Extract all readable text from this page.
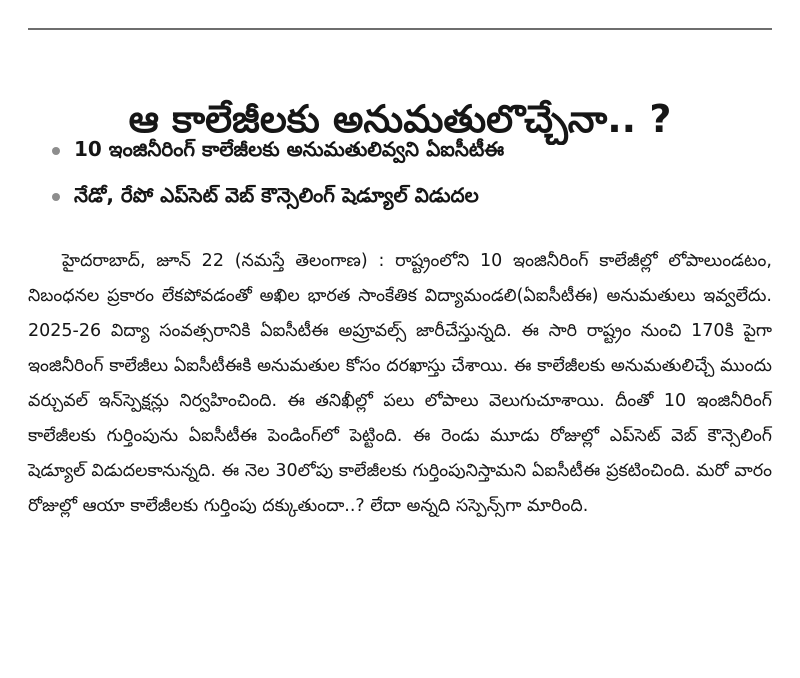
ఆ కాలేజీలకు అనుమతులొచ్చేనా.. ?
10 ఇంజినీరింగ్ కాలేజీలకు అనుమతులివ్వని ఏఐసీటీఈ
నేడో, రేపో ఎప్‌సెట్ వెబ్ కౌన్సెలింగ్ షెడ్యూల్ విడుదల

హైదరాబాద్, జూన్ 22 (నమస్తే తెలంగాణ) : రాష్ట్రంలోని 10 ఇంజినీరింగ్ కాలేజీల్లో లోపాలుండటం, నిబంధనల ప్రకారం లేకపోవడంతో అఖిల భారత సాంకేతిక విద్యామండలి(ఏఐసీటీఈ) అనుమతులు ఇవ్వలేదు. 2025-26 విద్యా సంవత్సరానికి ఏఐసీటీఈ అప్రూవల్స్ జారీచేస్తున్నది. ఈ సారి రాష్ట్రం నుంచి 170కి పైగా ఇంజినీరింగ్ కాలేజీలు ఏఐసీటీఈకి అనుమతుల కోసం దరఖాస్తు చేశాయి. ఈ కాలేజీలకు అనుమతులిచ్చే ముందు వర్చువల్ ఇన్‌స్పెక్షన్లు నిర్వహించింది. ఈ తనిఖీల్లో పలు లోపాలు వెలుగుచూశాయి. దీంతో 10 ఇంజినీరింగ్ కాలేజీలకు గుర్తింపును ఏఐసీటీఈ పెండింగ్‌లో పెట్టింది. ఈ రెండు మూడు రోజుల్లో ఎప్‌సెట్ వెబ్ కౌన్సెలింగ్ షెడ్యూల్ విడుదలకానున్నది. ఈ నెల 30లోపు కాలేజీలకు గుర్తింపునిస్తామని ఏఐసీటీఈ ప్రకటించింది. మరో వారం రోజుల్లో ఆయా కాలేజీలకు గుర్తింపు దక్కుతుందా..? లేదా అన్నది సస్పెన్స్‌గా మారింది.
